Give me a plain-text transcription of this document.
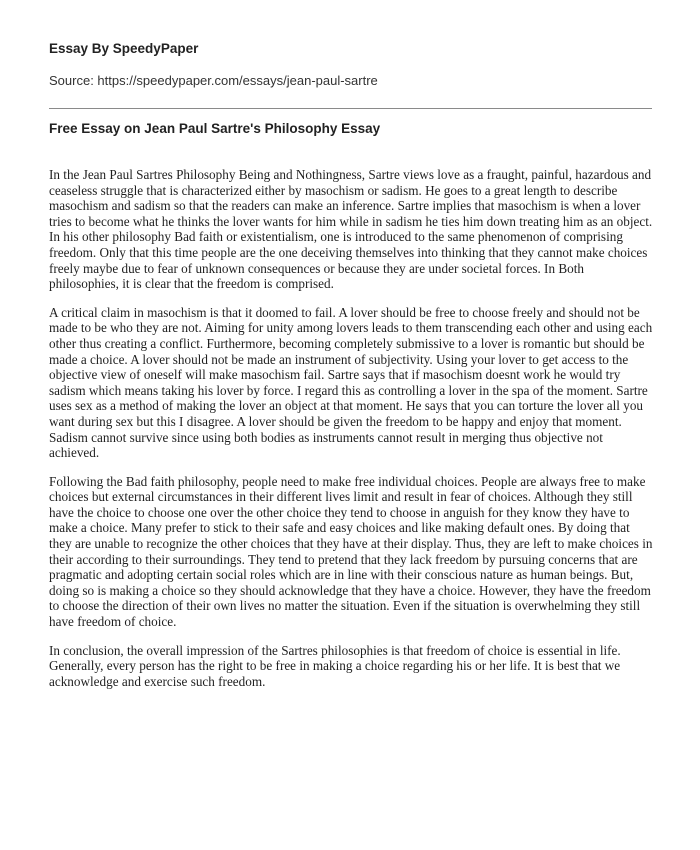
Essay By SpeedyPaper

Source: https://speedypaper.com/essays/jean-paul-sartre

Free Essay on Jean Paul Sartre's Philosophy Essay

In the Jean Paul Sartres Philosophy Being and Nothingness, Sartre views love as a fraught, painful, hazardous and ceaseless struggle that is characterized either by masochism or sadism. He goes to a great length to describe masochism and sadism so that the readers can make an inference. Sartre implies that masochism is when a lover tries to become what he thinks the lover wants for him while in sadism he ties him down treating him as an object. In his other philosophy Bad faith or existentialism, one is introduced to the same phenomenon of comprising freedom. Only that this time people are the one deceiving themselves into thinking that they cannot make choices freely maybe due to fear of unknown consequences or because they are under societal forces. In Both philosophies, it is clear that the freedom is comprised.

A critical claim in masochism is that it doomed to fail. A lover should be free to choose freely and should not be made to be who they are not. Aiming for unity among lovers leads to them transcending each other and using each other thus creating a conflict. Furthermore, becoming completely submissive to a lover is romantic but should be made a choice. A lover should not be made an instrument of subjectivity. Using your lover to get access to the objective view of oneself will make masochism fail. Sartre says that if masochism doesnt work he would try sadism which means taking his lover by force. I regard this as controlling a lover in the spa of the moment. Sartre uses sex as a method of making the lover an object at that moment. He says that you can torture the lover all you want during sex but this I disagree. A lover should be given the freedom to be happy and enjoy that moment. Sadism cannot survive since using both bodies as instruments cannot result in merging thus objective not achieved.

Following the Bad faith philosophy, people need to make free individual choices. People are always free to make choices but external circumstances in their different lives limit and result in fear of choices. Although they still have the choice to choose one over the other choice they tend to choose in anguish for they know they have to make a choice. Many prefer to stick to their safe and easy choices and like making default ones. By doing that they are unable to recognize the other choices that they have at their display. Thus, they are left to make choices in their according to their surroundings. They tend to pretend that they lack freedom by pursuing concerns that are pragmatic and adopting certain social roles which are in line with their conscious nature as human beings. But, doing so is making a choice so they should acknowledge that they have a choice. However, they have the freedom to choose the direction of their own lives no matter the situation. Even if the situation is overwhelming they still have freedom of choice.

In conclusion, the overall impression of the Sartres philosophies is that freedom of choice is essential in life. Generally, every person has the right to be free in making a choice regarding his or her life. It is best that we acknowledge and exercise such freedom.
